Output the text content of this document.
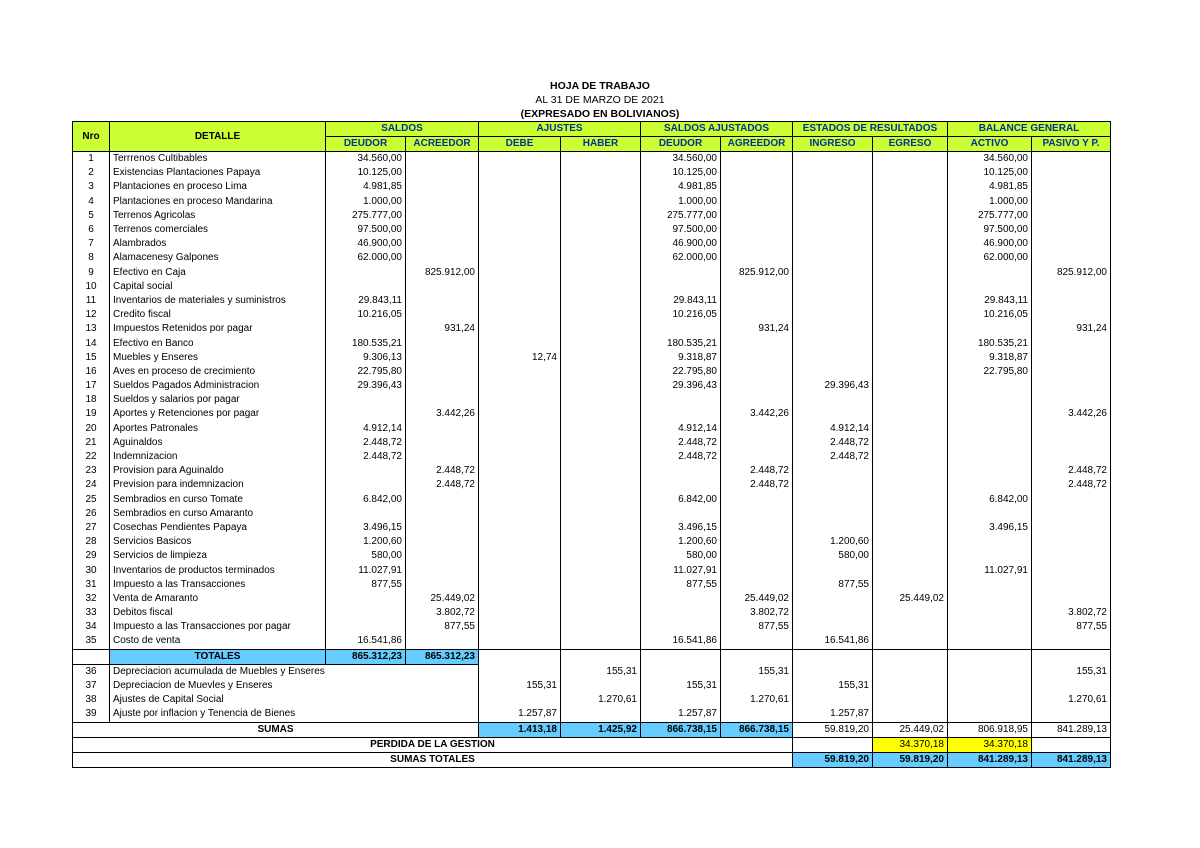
HOJA DE TRABAJO
AL 31 DE MARZO DE 2021
(EXPRESADO EN BOLIVIANOS)
Nro	DETALLE	SALDOS		AJUSTES		SALDOS AJUSTADOS		ESTADOS DE RESULTADOS		BALANCE GENERAL	
		DEUDOR	ACREEDOR	DEBE	HABER	DEUDOR	AGREEDOR	INGRESO	EGRESO	ACTIVO	PASIVO Y P.
1	Terrrenos Cultibables	34.560,00				34.560,00				34.560,00	
2	Existencias Plantaciones Papaya	10.125,00				10.125,00				10.125,00	
3	Plantaciones en proceso Lima	4.981,85				4.981,85				4.981,85	
4	Plantaciones en proceso Mandarina	1.000,00				1.000,00				1.000,00	
5	Terrenos Agricolas	275.777,00				275.777,00				275.777,00	
6	Terrenos comerciales	97.500,00				97.500,00				97.500,00	
7	Alambrados	46.900,00				46.900,00				46.900,00	
8	Alamacenesy Galpones	62.000,00				62.000,00				62.000,00	
9	Efectivo en Caja		825.912,00				825.912,00				825.912,00
10	Capital social										
11	Inventarios de materiales y suministros	29.843,11				29.843,11				29.843,11	
12	Credito fiscal	10.216,05				10.216,05				10.216,05	
13	Impuestos Retenidos por pagar		931,24				931,24				931,24
14	Efectivo en Banco	180.535,21				180.535,21				180.535,21	
15	Muebles y Enseres	9.306,13		12,74		9.318,87				9.318,87	
16	Aves en proceso de crecimiento	22.795,80				22.795,80				22.795,80	
17	Sueldos Pagados Administracion	29.396,43				29.396,43		29.396,43			
18	Sueldos y salarios por pagar										
19	Aportes y Retenciones por pagar		3.442,26				3.442,26				3.442,26
20	Aportes Patronales	4.912,14				4.912,14		4.912,14			
21	Aguinaldos	2.448,72				2.448,72		2.448,72			
22	Indemnizacion	2.448,72				2.448,72		2.448,72			
23	Provision para Aguinaldo		2.448,72				2.448,72				2.448,72
24	Prevision para indemnizacion		2.448,72				2.448,72				2.448,72
25	Sembradios en curso Tomate	6.842,00				6.842,00				6.842,00	
26	Sembradios en curso Amaranto										
27	Cosechas Pendientes Papaya	3.496,15				3.496,15				3.496,15	
28	Servicios Basicos	1.200,60				1.200,60		1.200,60			
29	Servicios de limpieza	580,00				580,00		580,00			
30	Inventarios de productos terminados	11.027,91				11.027,91				11.027,91	
31	Impuesto a las Transacciones	877,55				877,55		877,55			
32	Venta de Amaranto		25.449,02				25.449,02		25.449,02		
33	Debitos fiscal		3.802,72				3.802,72				3.802,72
34	Impuesto a las Transacciones por pagar		877,55				877,55				877,55
35	Costo de venta	16.541,86				16.541,86		16.541,86			
	TOTALES	865.312,23	865.312,23								
36	Depreciacion acumulada de Muebles y Enseres				155,31		155,31				155,31
37	Depreciacion de Muevles y Enseres			155,31		155,31		155,31			
38	Ajustes de Capital Social				1.270,61		1.270,61				1.270,61
39	Ajuste por inflacion y Tenencia de Bienes			1.257,87		1.257,87		1.257,87			
SUMAS				1.413,18	1.425,92	866.738,15	866.738,15	59.819,20	25.449,02	806.918,95	841.289,13
PERDIDA DE LA GESTION									34.370,18	34.370,18	
SUMAS TOTALES								59.819,20	59.819,20	841.289,13	841.289,13
